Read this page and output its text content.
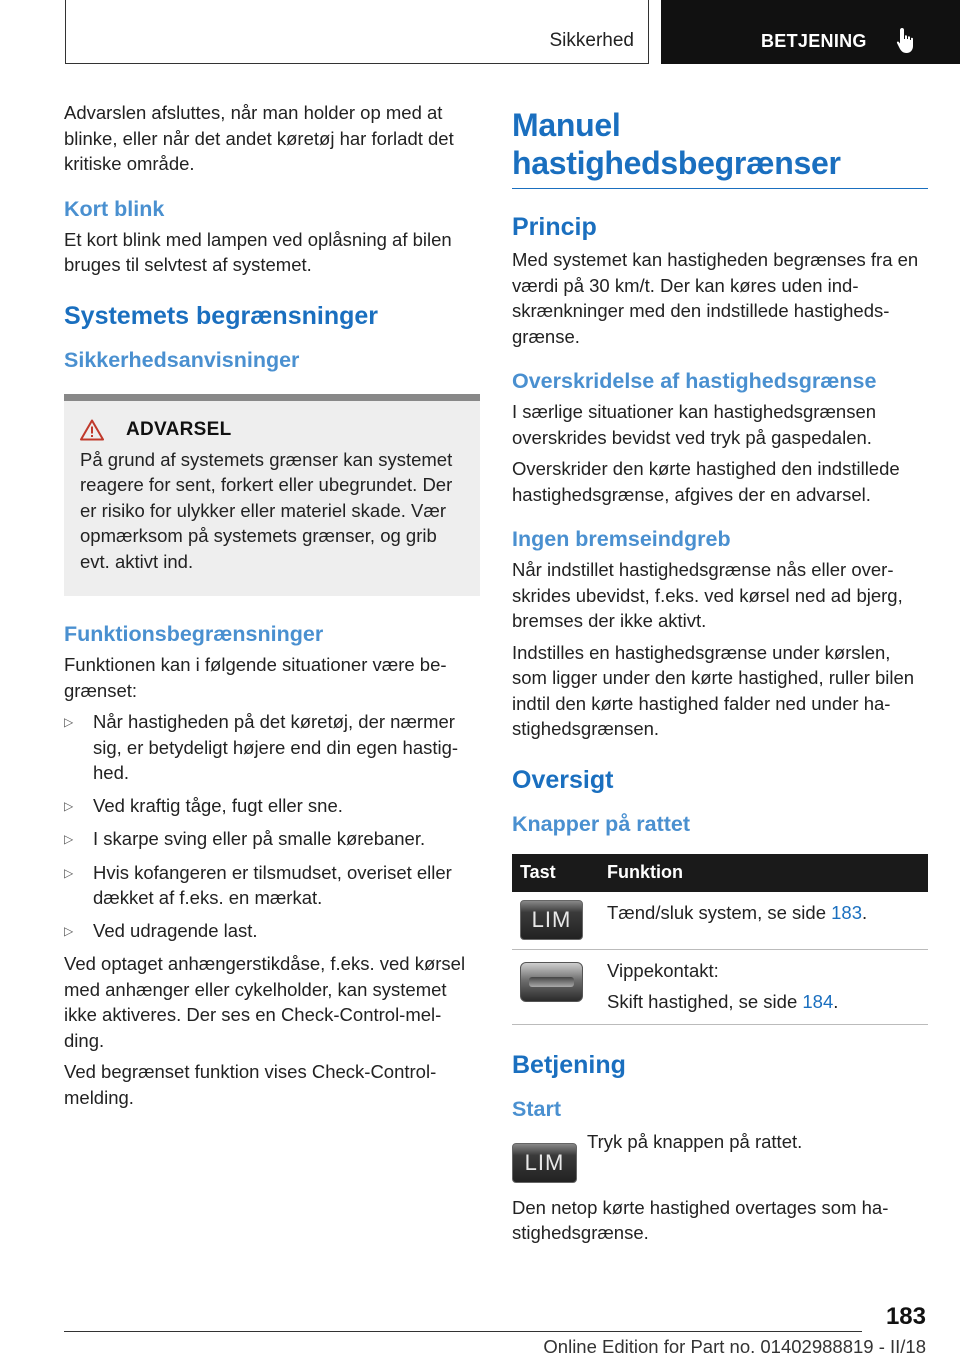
Sikkerhed	BETJENING

Advarslen afsluttes, når man holder op med at blinke, eller når det andet køretøj har forladt det kritiske område.

Kort blink

Et kort blink med lampen ved oplåsning af bilen bruges til selvtest af systemet.

Systemets begrænsninger
Sikkerhedsanvisninger
ADVARSEL

På grund af systemets grænser kan systemet reagere for sent, forkert eller ubegrundet. Der er risiko for ulykker eller materiel skade. Vær opmærksom på systemets grænser, og grib evt. aktivt ind.

Funktionsbegrænsninger

Funktionen kan i følgende situationer være be-grænset:

▷	Når hastigheden på det køretøj, der nærmer sig, er betydeligt højere end din egen hastig-hed.
▷	Ved kraftig tåge, fugt eller sne.
▷	I skarpe sving eller på smalle kørebaner.
▷	Hvis kofangeren er tilsmudset, overiset eller dækket af f.eks. en mærkat.
▷	Ved udragende last.

Ved optaget anhængerstikdåse, f.eks. ved kørsel med anhænger eller cykelholder, kan systemet ikke aktiveres. Der ses en Check-Control-mel-ding.

Ved begrænset funktion vises Check-Control-melding.

Manuel hastighedsbegrænser
Princip

Med systemet kan hastigheden begrænses fra en værdi på 30 km/t. Der kan køres uden ind-skrænkninger med den indstillede hastigheds-grænse.

Overskridelse af hastighedsgrænse

I særlige situationer kan hastighedsgrænsen overskrides bevidst ved tryk på gaspedalen.

Overskrider den kørte hastighed den indstillede hastighedsgrænse, afgives der en advarsel.

Ingen bremseindgreb

Når indstillet hastighedsgrænse nås eller over-skrides ubevidst, f.eks. ved kørsel ned ad bjerg, bremses der ikke aktivt.

Indstilles en hastighedsgrænse under kørslen, som ligger under den kørte hastighed, ruller bilen indtil den kørte hastighed falder ned under ha-stighedsgrænsen.

Oversigt
Knapper på rattet
Tast	Funktion

LIM	Tænd/sluk system, se side 183.

	Vippekontakt:
Skift hastighed, se side 184.
Betjening
Start
LIM

Tryk på knappen på rattet.

Den netop kørte hastighed overtages som ha-stighedsgrænse.

183
Online Edition for Part no. 01402988819 - II/18
